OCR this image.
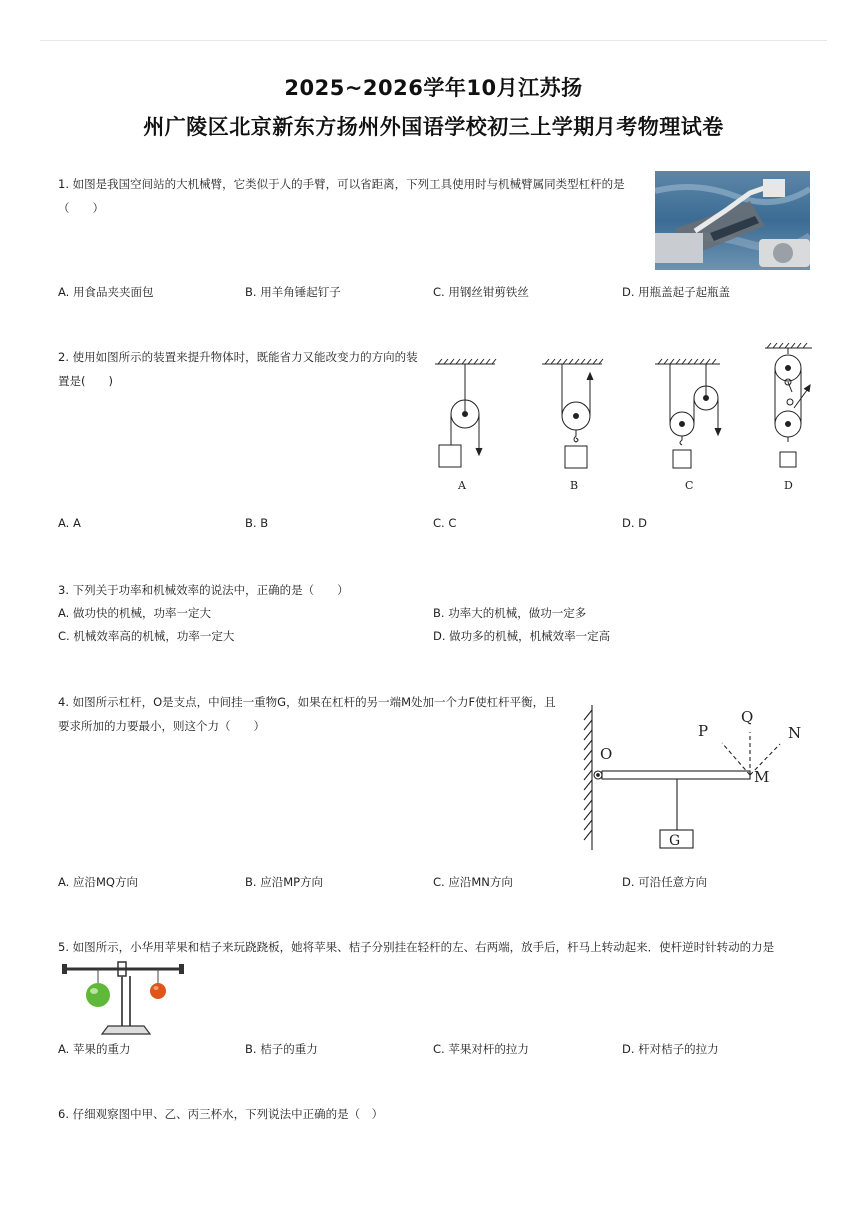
2025~2026学年10月江苏扬
州广陵区北京新东方扬州外国语学校初三上学期月考物理试卷
1. 如图是我国空间站的大机械臂，它类似于人的手臂，可以省距离，下列工具使用时与机械臂属同类型杠杆的是（　　）
A. 用食品夹夹面包	B. 用羊角锤起钉子	C. 用钢丝钳剪铁丝	D. 用瓶盖起子起瓶盖
2. 使用如图所示的装置来提升物体时，既能省力又能改变力的方向的装置是(　　)
A	B	C	D
A. A	B. B	C. C	D. D
3. 下列关于功率和机械效率的说法中，正确的是（　　）
A. 做功快的机械，功率一定大	B. 功率大的机械，做功一定多
C. 机械效率高的机械，功率一定大	D. 做功多的机械，机械效率一定高
4. 如图所示杠杆，O是支点，中间挂一重物G，如果在杠杆的另一端M处加一个力F使杠杆平衡，且要求所加的力要最小，则这个力（　　）
O
M
P
Q
N
G
A. 应沿MQ方向	B. 应沿MP方向	C. 应沿MN方向	D. 可沿任意方向
5. 如图所示，小华用苹果和桔子来玩跷跷板，她将苹果、桔子分别挂在轻杆的左、右两端，放手后，杆马上转动起来．使杆逆时针转动的力是
A. 苹果的重力	B. 桔子的重力	C. 苹果对杆的拉力	D. 杆对桔子的拉力
6. 仔细观察图中甲、乙、丙三杯水，下列说法中正确的是（　）
